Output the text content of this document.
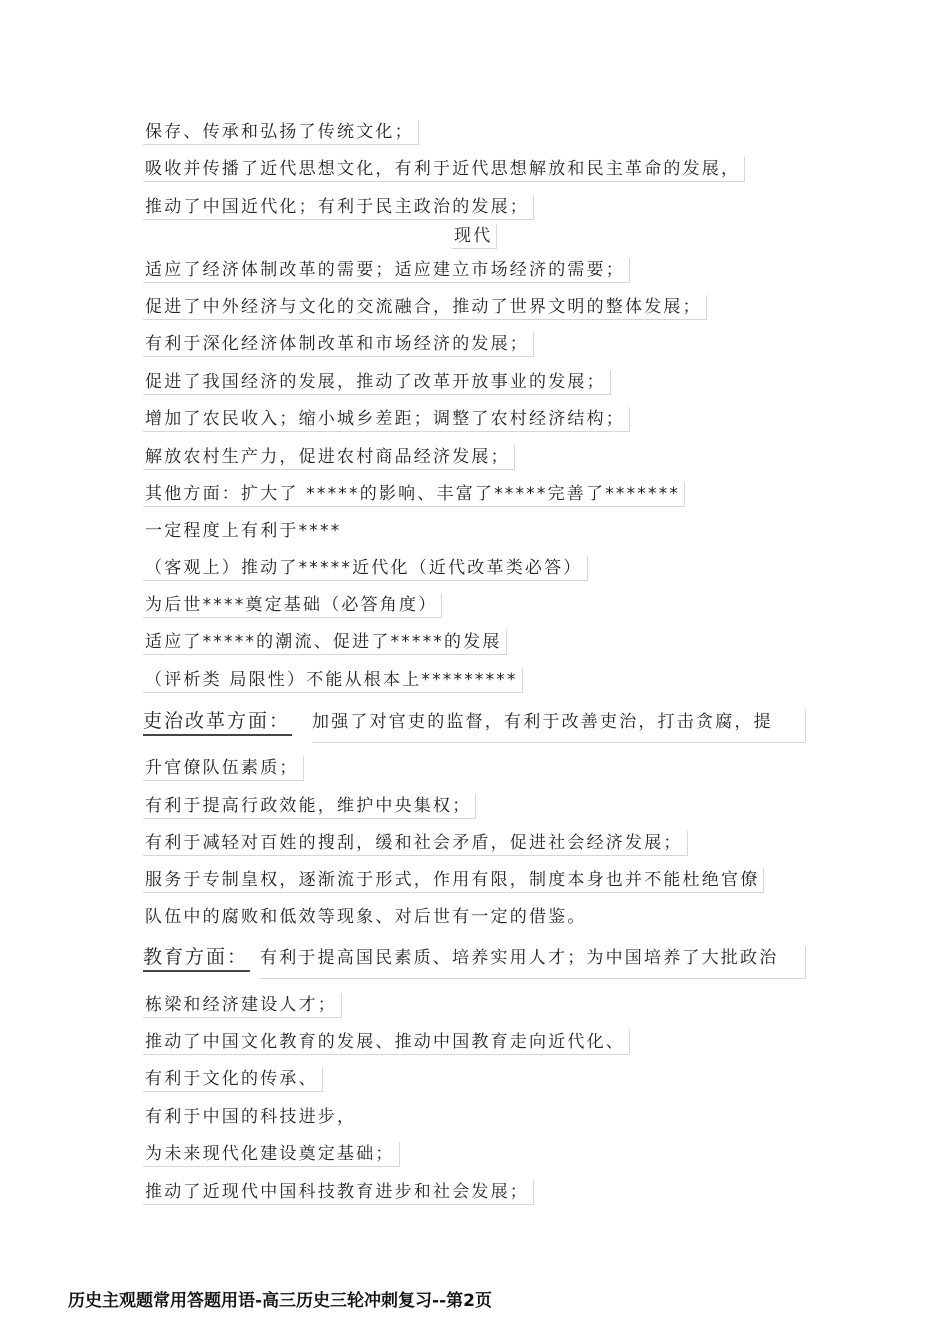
保存、传承和弘扬了传统文化；
吸收并传播了近代思想文化，有利于近代思想解放和民主革命的发展，
推动了中国近代化；有利于民主政治的发展；
现代
适应了经济体制改革的需要；适应建立市场经济的需要；
促进了中外经济与文化的交流融合，推动了世界文明的整体发展；
有利于深化经济体制改革和市场经济的发展；
促进了我国经济的发展，推动了改革开放事业的发展；
增加了农民收入；缩小城乡差距；调整了农村经济结构；
解放农村生产力，促进农村商品经济发展；
其他方面：扩大了 *****的影响、丰富了*****完善了*******
一定程度上有利于****
（客观上）推动了*****近代化（近代改革类必答）
为后世****奠定基础（必答角度）
适应了*****的潮流、促进了*****的发展
（评析类 局限性）不能从根本上*********
吏治改革方面： 加强了对官吏的监督，有利于改善吏治，打击贪腐，提
升官僚队伍素质；
有利于提高行政效能，维护中央集权；
有利于减轻对百姓的搜刮，缓和社会矛盾，促进社会经济发展；
服务于专制皇权，逐渐流于形式，作用有限，制度本身也并不能杜绝官僚
队伍中的腐败和低效等现象、对后世有一定的借鉴。
教育方面： 有利于提高国民素质、培养实用人才；为中国培养了大批政治
栋梁和经济建设人才；
推动了中国文化教育的发展、推动中国教育走向近代化、
有利于文化的传承、
有利于中国的科技进步，
为未来现代化建设奠定基础；
推动了近现代中国科技教育进步和社会发展；
历史主观题常用答题用语-高三历史三轮冲刺复习--第2页
